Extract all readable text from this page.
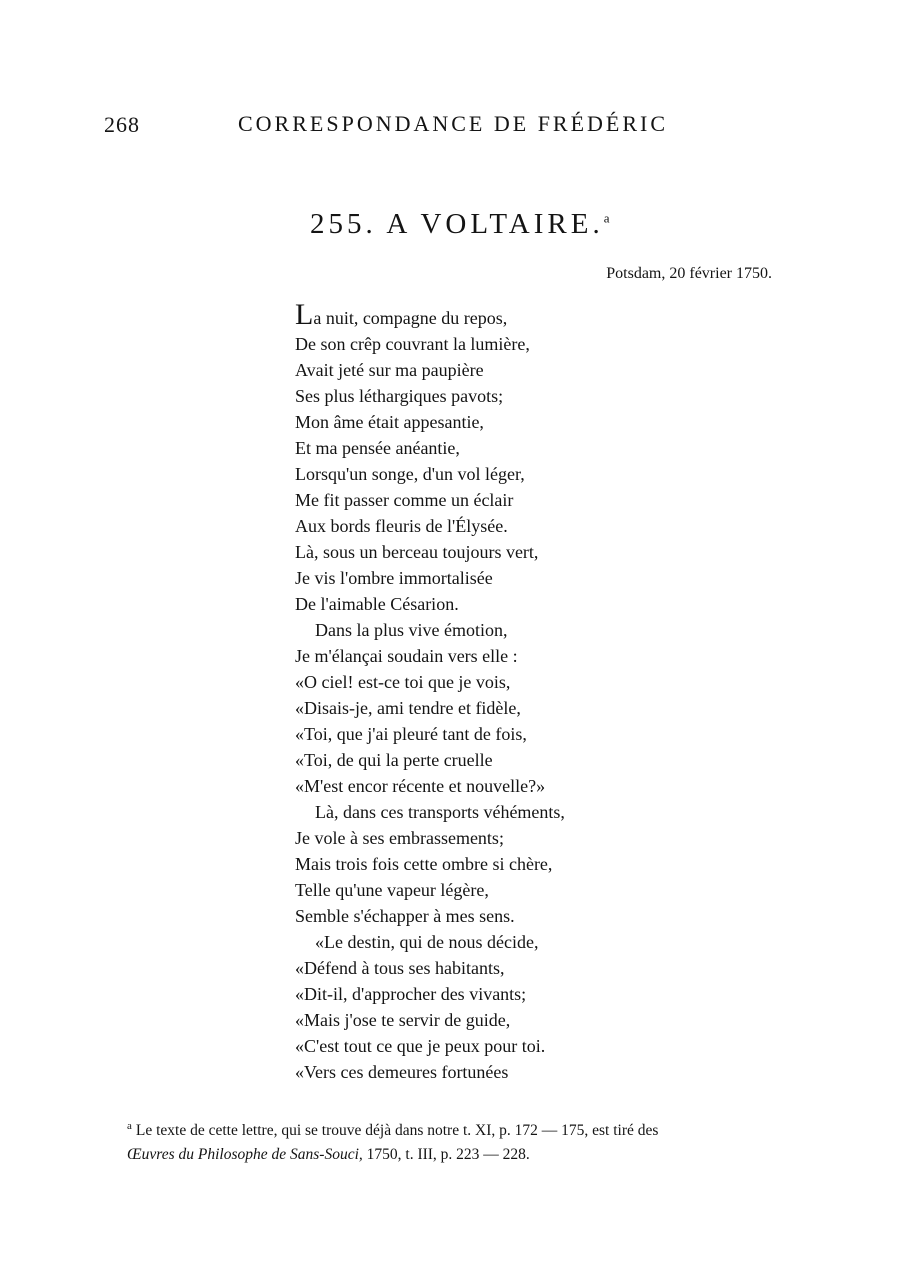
268	CORRESPONDANCE DE FRÉDÉRIC
255. A VOLTAIRE.$^a$
Potsdam, 20 février 1750.
La nuit, compagne du repos,
De son crêp couvrant la lumière,
Avait jeté sur ma paupière
Ses plus léthargiques pavots;
Mon âme était appesantie,
Et ma pensée anéantie,
Lorsqu'un songe, d'un vol léger,
Me fit passer comme un éclair
Aux bords fleuris de l'Élysée.
Là, sous un berceau toujours vert,
Je vis l'ombre immortalisée
De l'aimable Césarion.
Dans la plus vive émotion,
Je m'élançai soudain vers elle :
«O ciel! est-ce toi que je vois,
«Disais-je, ami tendre et fidèle,
«Toi, que j'ai pleuré tant de fois,
«Toi, de qui la perte cruelle
«M'est encor récente et nouvelle?»
Là, dans ces transports véhéments,
Je vole à ses embrassements;
Mais trois fois cette ombre si chère,
Telle qu'une vapeur légère,
Semble s'échapper à mes sens.
«Le destin, qui de nous décide,
«Défend à tous ses habitants,
«Dit-il, d'approcher des vivants;
«Mais j'ose te servir de guide,
«C'est tout ce que je peux pour toi.
«Vers ces demeures fortunées
$^a$ Le texte de cette lettre, qui se trouve déjà dans notre t. XI, p. 172 — 175, est tiré des
Œuvres du Philosophe de Sans-Souci, 1750, t. III, p. 223 — 228.
